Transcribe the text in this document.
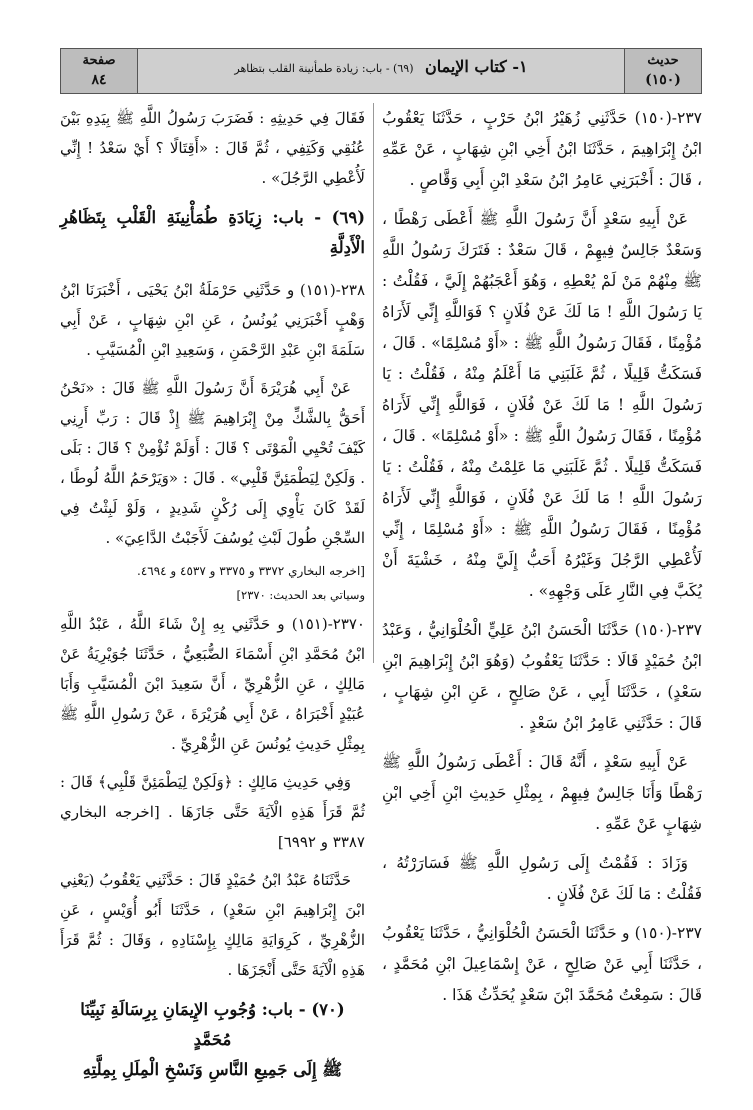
حديث
(١٥٠)
١- كتاب الإيمان   (٦٩) - باب: زيادة طمأنينة القلب بتظاهر
صفحة
٨٤

٢٣٧-(١٥٠) حَدَّثَنِي زُهَيْرُ ابْنُ حَرْبٍ ، حَدَّثَنَا يَعْقُوبُ ابْنُ إِبْرَاهِيمَ ، حَدَّثَنَا ابْنُ أَخِي ابْنِ شِهَابٍ ، عَنْ عَمِّهِ ، قَالَ : أَخْبَرَنِي عَامِرُ ابْنُ سَعْدِ ابْنِ أَبِي وَقَّاصٍ .

عَنْ أَبِيهِ سَعْدٍ أَنَّ رَسُولَ اللَّهِ ﷺ أَعْطَى رَهْطًا ، وَسَعْدٌ جَالِسٌ فِيهِمْ ، قَالَ سَعْدٌ : فَتَرَكَ رَسُولُ اللَّهِ ﷺ مِنْهُمْ مَنْ لَمْ يُعْطِهِ ، وَهُوَ أَعْجَبُهُمْ إِلَيَّ ، فَقُلْتُ : يَا رَسُولَ اللَّهِ ! مَا لَكَ عَنْ فُلَانٍ ؟ فَوَاللَّهِ إِنِّي لَأَرَاهُ مُؤْمِنًا ، فَقَالَ رَسُولُ اللَّهِ ﷺ : «أَوْ مُسْلِمًا» . قَالَ ، فَسَكَتُّ قَلِيلًا ، ثُمَّ غَلَبَنِي مَا أَعْلَمُ مِنْهُ ، فَقُلْتُ : يَا رَسُولَ اللَّهِ ! مَا لَكَ عَنْ فُلَانٍ ، فَوَاللَّهِ إِنِّي لَأَرَاهُ مُؤْمِنًا ، فَقَالَ رَسُولُ اللَّهِ ﷺ : «أَوْ مُسْلِمًا» . قَالَ ، فَسَكَتُّ قَلِيلًا . ثُمَّ غَلَبَنِي مَا عَلِمْتُ مِنْهُ ، فَقُلْتُ : يَا رَسُولَ اللَّهِ ! مَا لَكَ عَنْ فُلَانٍ ، فَوَاللَّهِ إِنِّي لَأَرَاهُ مُؤْمِنًا ، فَقَالَ رَسُولُ اللَّهِ ﷺ : «أَوْ مُسْلِمًا ، إِنِّي لَأُعْطِي الرَّجُلَ وَغَيْرُهُ أَحَبُّ إِلَيَّ مِنْهُ ، خَشْيَةَ أَنْ يُكَبَّ فِي النَّارِ عَلَى وَجْهِهِ» .

٢٣٧-(١٥٠) حَدَّثَنَا الْحَسَنُ ابْنُ عَلِيٍّ الْحُلْوَانِيُّ ، وَعَبْدُ ابْنُ حُمَيْدٍ قَالَا : حَدَّثَنَا يَعْقُوبُ (وَهُوَ ابْنُ إِبْرَاهِيمَ ابْنِ سَعْدٍ) ، حَدَّثَنَا أَبِي ، عَنْ صَالِحٍ ، عَنِ ابْنِ شِهَابٍ ، قَالَ : حَدَّثَنِي عَامِرُ ابْنُ سَعْدٍ .

عَنْ أَبِيهِ سَعْدٍ ، أَنَّهُ قَالَ : أَعْطَى رَسُولُ اللَّهِ ﷺ رَهْطًا وَأَنَا جَالِسٌ فِيهِمْ ، بِمِثْلِ حَدِيثِ ابْنِ أَخِي ابْنِ شِهَابٍ عَنْ عَمِّهِ .

وَزَادَ : فَقُمْتُ إِلَى رَسُولِ اللَّهِ ﷺ فَسَارَرْتُهُ ، فَقُلْتُ : مَا لَكَ عَنْ فُلَانٍ .

٢٣٧-(١٥٠) و حَدَّثَنَا الْحَسَنُ الْحُلْوَانِيُّ ، حَدَّثَنَا يَعْقُوبُ ، حَدَّثَنَا أَبِي عَنْ صَالِحٍ ، عَنْ إِسْمَاعِيلَ ابْنِ مُحَمَّدٍ ، قَالَ : سَمِعْتُ مُحَمَّدَ ابْنَ سَعْدٍ يُحَدِّثُ هَذَا .

فَقَالَ فِي حَدِيثِهِ : فَضَرَبَ رَسُولُ اللَّهِ ﷺ بِيَدِهِ بَيْنَ عُنُقِي وَكَتِفِي ، ثُمَّ قَالَ : «أَقِتَالًا ؟ أَيْ سَعْدُ ! إِنِّي لَأُعْطِي الرَّجُلَ» .

(٦٩) - باب: زِيَادَةِ طُمَأْنِينَةِ الْقَلْبِ بِتَظَاهُرِ الْأَدِلَّةِ

٢٣٨-(١٥١) و حَدَّثَنِي حَرْمَلَةُ ابْنُ يَحْيَى ، أَخْبَرَنَا ابْنُ وَهْبٍ أَخْبَرَنِي يُونُسُ ، عَنِ ابْنِ شِهَابٍ ، عَنْ أَبِي سَلَمَةَ ابْنِ عَبْدِ الرَّحْمَنِ ، وَسَعِيدِ ابْنِ الْمُسَيَّبِ .

عَنْ أَبِي هُرَيْرَةَ أَنَّ رَسُولَ اللَّهِ ﷺ قَالَ : «نَحْنُ أَحَقُّ بِالشَّكِّ مِنْ إِبْرَاهِيمَ ﷺ إِذْ قَالَ : رَبِّ أَرِنِي كَيْفَ تُحْيِي الْمَوْتَى ؟ قَالَ : أَوَلَمْ تُؤْمِنْ ؟ قَالَ : بَلَى . وَلَكِنْ لِيَطْمَئِنَّ قَلْبِي» . قَالَ : «وَيَرْحَمُ اللَّهُ لُوطًا ، لَقَدْ كَانَ يَأْوِي إِلَى رُكْنٍ شَدِيدٍ ، وَلَوْ لَبِثْتُ فِي السِّجْنِ طُولَ لَبْثِ يُوسُفَ لَأَجَبْتُ الدَّاعِيَ» .

[اخرجه البخاري ٣٣٧٢ و ٣٣٧٥ و ٤٥٣٧ و ٤٦٩٤.

وسياتي بعد الحديث: ٢٣٧٠]

٢٣٧٠-(١٥١) و حَدَّثَنِي بِهِ إِنْ شَاءَ اللَّهُ ، عَبْدُ اللَّهِ ابْنُ مُحَمَّدِ ابْنِ أَسْمَاءَ الضُّبَعِيُّ ، حَدَّثَنَا جُوَيْرِيَةُ عَنْ مَالِكٍ ، عَنِ الزُّهْرِيِّ ، أَنَّ سَعِيدَ ابْنَ الْمُسَيَّبِ وَأَبَا عُبَيْدٍ أَخْبَرَاهُ ، عَنْ أَبِي هُرَيْرَةَ ، عَنْ رَسُولِ اللَّهِ ﷺ بِمِثْلِ حَدِيثِ يُونُسَ عَنِ الزُّهْرِيِّ .

وَفِي حَدِيثِ مَالِكٍ : ﴿وَلَكِنْ لِيَطْمَئِنَّ قَلْبِي﴾ قَالَ : ثُمَّ قَرَأَ هَذِهِ الْآيَةَ حَتَّى جَازَهَا . [اخرجه البخاري ٣٣٨٧ و ٦٩٩٢]

حَدَّثَنَاهُ عَبْدُ ابْنُ حُمَيْدٍ قَالَ : حَدَّثَنِي يَعْقُوبُ (يَعْنِي ابْنَ إِبْرَاهِيمَ ابْنِ سَعْدٍ) ، حَدَّثَنَا أَبُو أُوَيْسٍ ، عَنِ الزُّهْرِيِّ ، كَرِوَايَةِ مَالِكٍ بِإِسْنَادِهِ ، وَقَالَ : ثُمَّ قَرَأَ هَذِهِ الْآيَةَ حَتَّى أَنْجَزَهَا .

(٧٠) - باب: وُجُوبِ الإِيمَانِ بِرِسَالَةِ نَبِيِّنَا مُحَمَّدٍ
ﷺ إِلَى جَمِيعِ النَّاسِ وَنَسْخِ الْمِلَلِ بِمِلَّتِهِ
